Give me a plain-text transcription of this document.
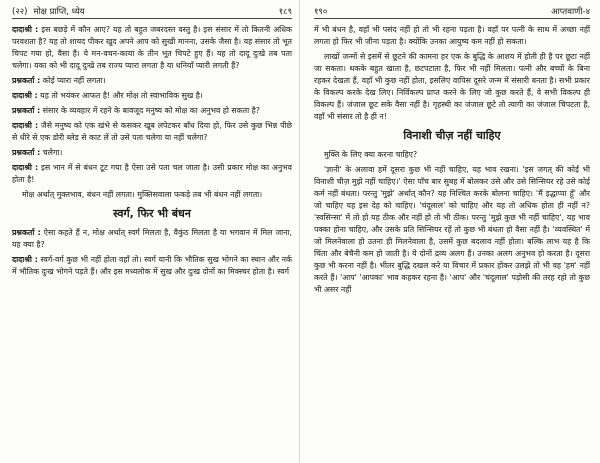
(२२) मोक्ष प्राप्ति, ध्येय	१८९

दादाश्री : इस बछड़े में कौन आए? यह तो बहुत जबरदस्त वस्तु है। इस संसार में तो कितनी अधिक परवशता है? यह तो शायद पीकर खुद अपने आप को सुखी मानना, उसके जैसा है। यह संसार तो भूत चिपट गया हो, वैसा है। ये मन-वचन-काया के तीन भूत चिपटे हुए हैं। यह तो दादू दुःखे तब पता चलेगा। यका को भी दादू दुःखे तब राज्य प्यारा लगता है या धनियाँ प्यारी लगती हैं?

प्रश्नकर्ता : कोई प्यारा नहीं लगता।

दादाश्री : यह तो भयंकर आफत है! और मोक्ष तो स्वाभाविक सुख है।

प्रश्नकर्ता : संसार के व्यवहार में रहने के बावजूद मनुष्य को मोक्ष का अनुभव हो सकता है?

दादाश्री : जैसे मनुष्य को एक खंभे से कसकर खूब लपेटकर बाँध दिया हो, फिर उसे कुछ भिन्न पीछे से धीरे से एक डोरी ब्लेड से काट लें तो उसे पता चलेगा या नहीं चलेगा?

प्रश्नकर्ता : चलेगा।

दादाश्री : इस भान में से बंधन टूट गया है ऐसा उसे पता चल जाता है। उसी प्रकार मोक्ष का अनुभव होता है!

मोक्ष अर्थात् मुक्तभाव, बंधन नहीं लगता। मुक्तिसवाला फकड़े तब भी बंधन नहीं लगता।

स्वर्ग, फिर भी बंधन

प्रश्नकर्ता : ऐसा कहते हैं न, मोक्ष अर्थात् स्वर्ग मिलता है, वैकुंठ मिलता है या भगवान में मिल जाना, यह क्या है?

दादाश्री : स्वर्ग-वर्ग कुछ भी नहीं होता वहाँ तो। स्वर्ग यानी कि भौतिक सुख भोगने का स्थान और नर्क में भौतिक दुःख भोगने पड़ते हैं। और इस मध्यलोक में सुख और दुःख दोनों का मिक्स्चर होता है। स्वर्ग

१९०	आप्तवाणी-४

में भी बंधन है, वहाँ भी पसंद नहीं हो तो भी रहना पड़ता है। वहाँ पर पत्नी के साथ में अच्छा नहीं लगता हो फिर भी जीना पड़ता है। क्योंकि उनका आयुष्य कम नहीं हो सकता।

लाखों जन्मों से इसमें से छूटने की कामना हर एक के बुद्धि के आशय में होती ही है पर छूटा नहीं जा सकता। थकके बहुत खाता है, छटपटाता है, फिर भी नहीं मिलता। पत्नी और बच्चों के बिना रहकर देखता हैं, वहाँ भी कुछ नहीं होता, इसलिए वापिस दूसरे जन्म में संसारी बनता है। सभी प्रकार के विकल्प करके देख लिए। निर्विकल्प प्राप्त करने के लिए जो कुछ करते हैं, वे सभी विकल्प ही विकल्प हैं। जंजाल छूट सके वैसा नहीं है। गृहस्थी का जंजाल छूटे तो त्यागी का जंजाल चिपटता है, वहाँ भी संसार तो है ही न!

विनाशी चीज़ नहीं चाहिए

मुक्ति के लिए क्या करना चाहिए?

'ज्ञानी' के अलावा हमें दूसरा कुछ भी नहीं चाहिए, यह भाव रखना। 'इस जगत् की कोई भी विनाशी चीज़ मुझे नहीं चाहिए।' ऐसा पाँच बार सुबह में बोलकर उसे और उसे सिन्सियर रहे उसे कोई कर्म नहीं बंधता। परन्तु 'मुझे' अर्थात् कौन? यह निश्चित करके बोलना चाहिए। 'मैं इद्धाप्पा हूँ' और जो चाहिए यह इस देह को चाहिए। 'चंदूलाल' को चाहिए और यह तो अधिक होता ही नहीं न? 'स्वसिन्सा' में तो हो यह ठीक और नहीं हो तो भी ठीक। परन्तु 'मुझे कुछ भी नहीं चाहिए', यह भाव पक्का होना चाहिए, और उसके प्रति सिन्सियर रहें तो कुछ भी बंधता हो वैसा नहीं है। 'व्यवस्थित' में जो मिलनेवाला हो उतना ही मिलनेवाला है, उसमें कुछ बदलाव नहीं होता। बल्कि लाभ यह है कि चिंता और बेचैनी कम हो जाती है। ये दोनों द्रव्य अलग हैं। उनका अलग अनुभव हो करता है। दूसरा कुछ भी करना नहीं है। भीतर बुद्धि दखल करे या विचार में प्रकार होकर उलझे तो भी वह 'हम' नहीं करते हैं। 'आप' 'आपका' भाव कहकर रहना है। 'आप' और 'चंदूलाल' पड़ोसी की तरह रहो तो कुछ भी असर नहीं
